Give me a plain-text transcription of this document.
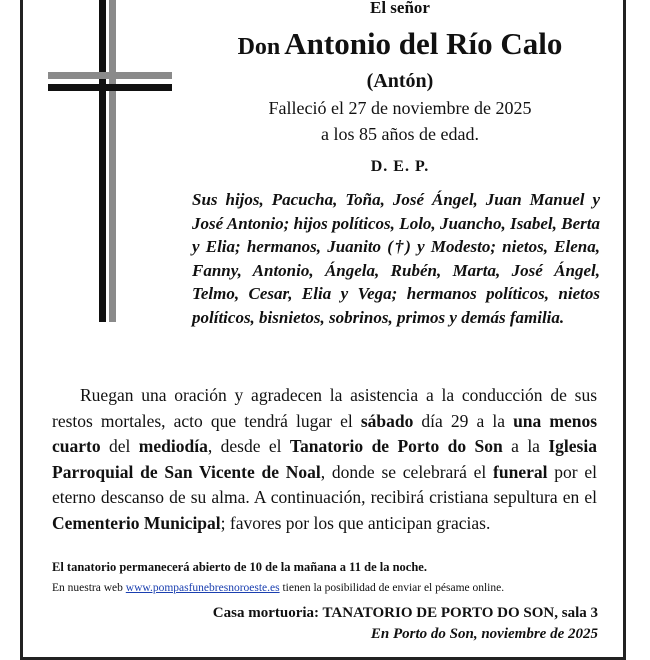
El señor
Don Antonio del Río Calo
(Antón)
Falleció el 27 de noviembre de 2025
a los 85 años de edad.
D. E. P.
Sus hijos, Pacucha, Toña, José Ángel, Juan Manuel y José Antonio; hijos políticos, Lolo, Juancho, Isabel, Berta y Elia; hermanos, Juanito (†) y Modesto; nietos, Elena, Fanny, Antonio, Ángela, Rubén, Marta, José Ángel, Telmo, Cesar, Elia y Vega; hermanos políticos, nietos políticos, bisnietos, sobrinos, primos y demás familia.
Ruegan una oración y agradecen la asistencia a la conducción de sus restos mortales, acto que tendrá lugar el sábado día 29 a la una menos cuarto del mediodía, desde el Tanatorio de Porto do Son a la Iglesia Parroquial de San Vicente de Noal, donde se celebrará el funeral por el eterno descanso de su alma. A continuación, recibirá cristiana sepultura en el Cementerio Municipal; favores por los que anticipan gracias.
El tanatorio permanecerá abierto de 10 de la mañana a 11 de la noche.
En nuestra web www.pompasfunebresnoroeste.es tienen la posibilidad de enviar el pésame online.
Casa mortuoria: TANATORIO DE PORTO DO SON, sala 3
En Porto do Son, noviembre de 2025
